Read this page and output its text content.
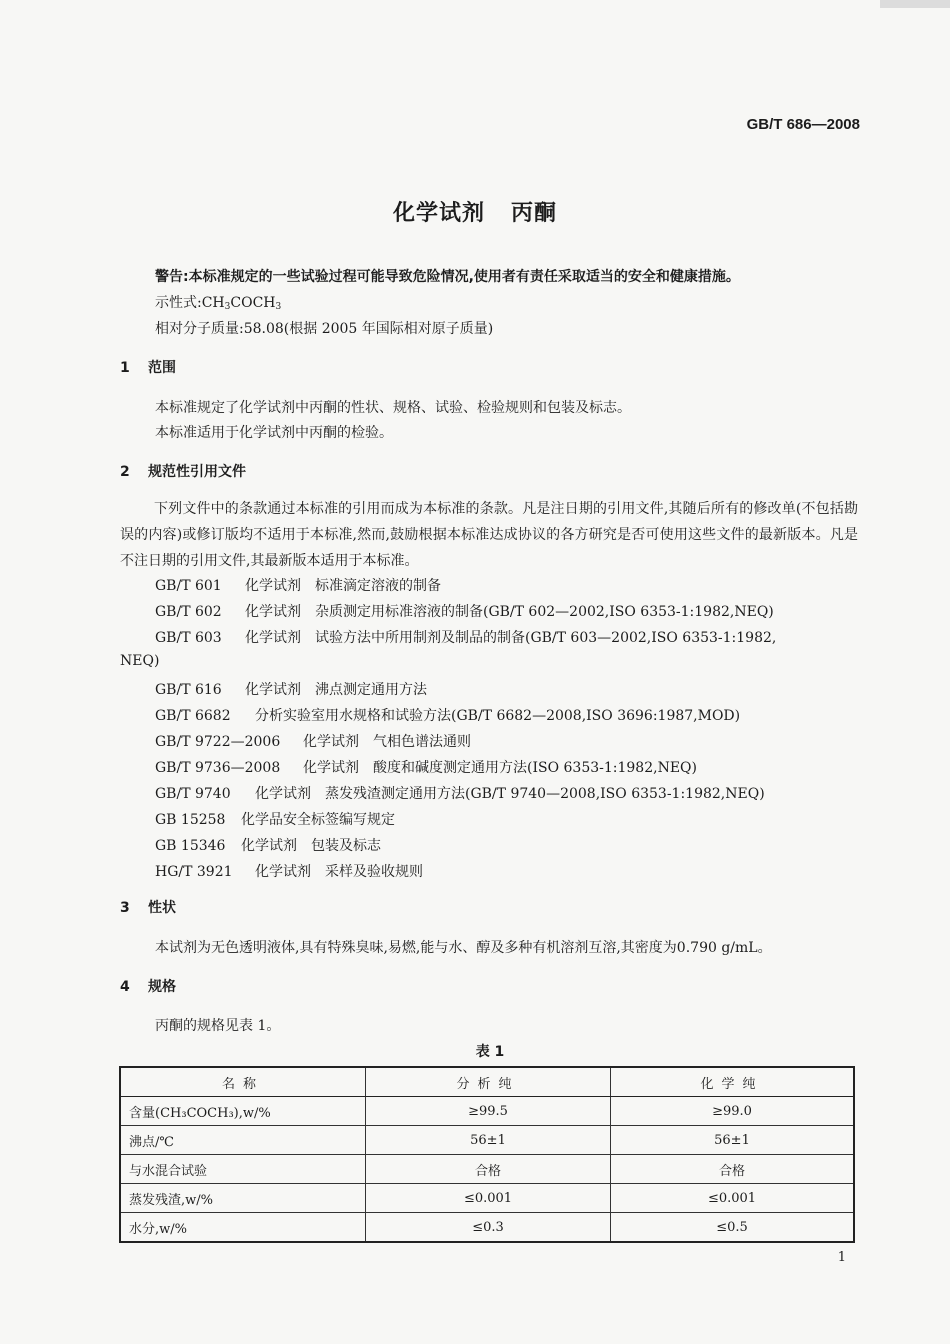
GB/T 686—2008
化学试剂 丙酮
警告:本标准规定的一些试验过程可能导致危险情况,使用者有责任采取适当的安全和健康措施。
示性式$:CH_3COCH_3$
相对分子质量:58.08(根据 2005 年国际相对原子质量)
1 范围
本标准规定了化学试剂中丙酮的性状、规格、试验、检验规则和包装及标志。
本标准适用于化学试剂中丙酮的检验。
2 规范性引用文件
下列文件中的条款通过本标准的引用而成为本标准的条款。凡是注日期的引用文件,其随后所有的修改单(不包括勘误的内容)或修订版均不适用于本标准,然而,鼓励根据本标准达成协议的各方研究是否可使用这些文件的最新版本。凡是不注日期的引用文件,其最新版本适用于本标准。
GB/T 601 化学试剂　标准滴定溶液的制备
GB/T 602 化学试剂　杂质测定用标准溶液的制备(GB/T 602—2002,ISO 6353-1:1982,NEQ)
GB/T 603 化学试剂　试验方法中所用制剂及制品的制备(GB/T 603—2002,ISO 6353-1:1982,
NEQ)
GB/T 616 化学试剂　沸点测定通用方法
GB/T 6682 分析实验室用水规格和试验方法(GB/T 6682—2008,ISO 3696:1987,MOD)
GB/T 9722—2006 化学试剂　气相色谱法通则
GB/T 9736—2008 化学试剂　酸度和碱度测定通用方法(ISO 6353-1:1982,NEQ)
GB/T 9740 化学试剂　蒸发残渣测定通用方法(GB/T 9740—2008,ISO 6353-1:1982,NEQ)
GB 15258 化学品安全标签编写规定
GB 15346 化学试剂　包装及标志
HG/T 3921 化学试剂　采样及验收规则
3 性状
本试剂为无色透明液体,具有特殊臭味,易燃,能与水、醇及多种有机溶剂互溶,其密度为0.790 g/mL。
4 规格
丙酮的规格见表 1。
表 1
名称	分析纯	化学纯
含量(CH₃COCH₃),w/%	≥99.5	≥99.0
沸点/℃	56±1	56±1
与水混合试验	合格	合格
蒸发残渣,w/%	≤0.001	≤0.001
水分,w/%	≤0.3	≤0.5
1
